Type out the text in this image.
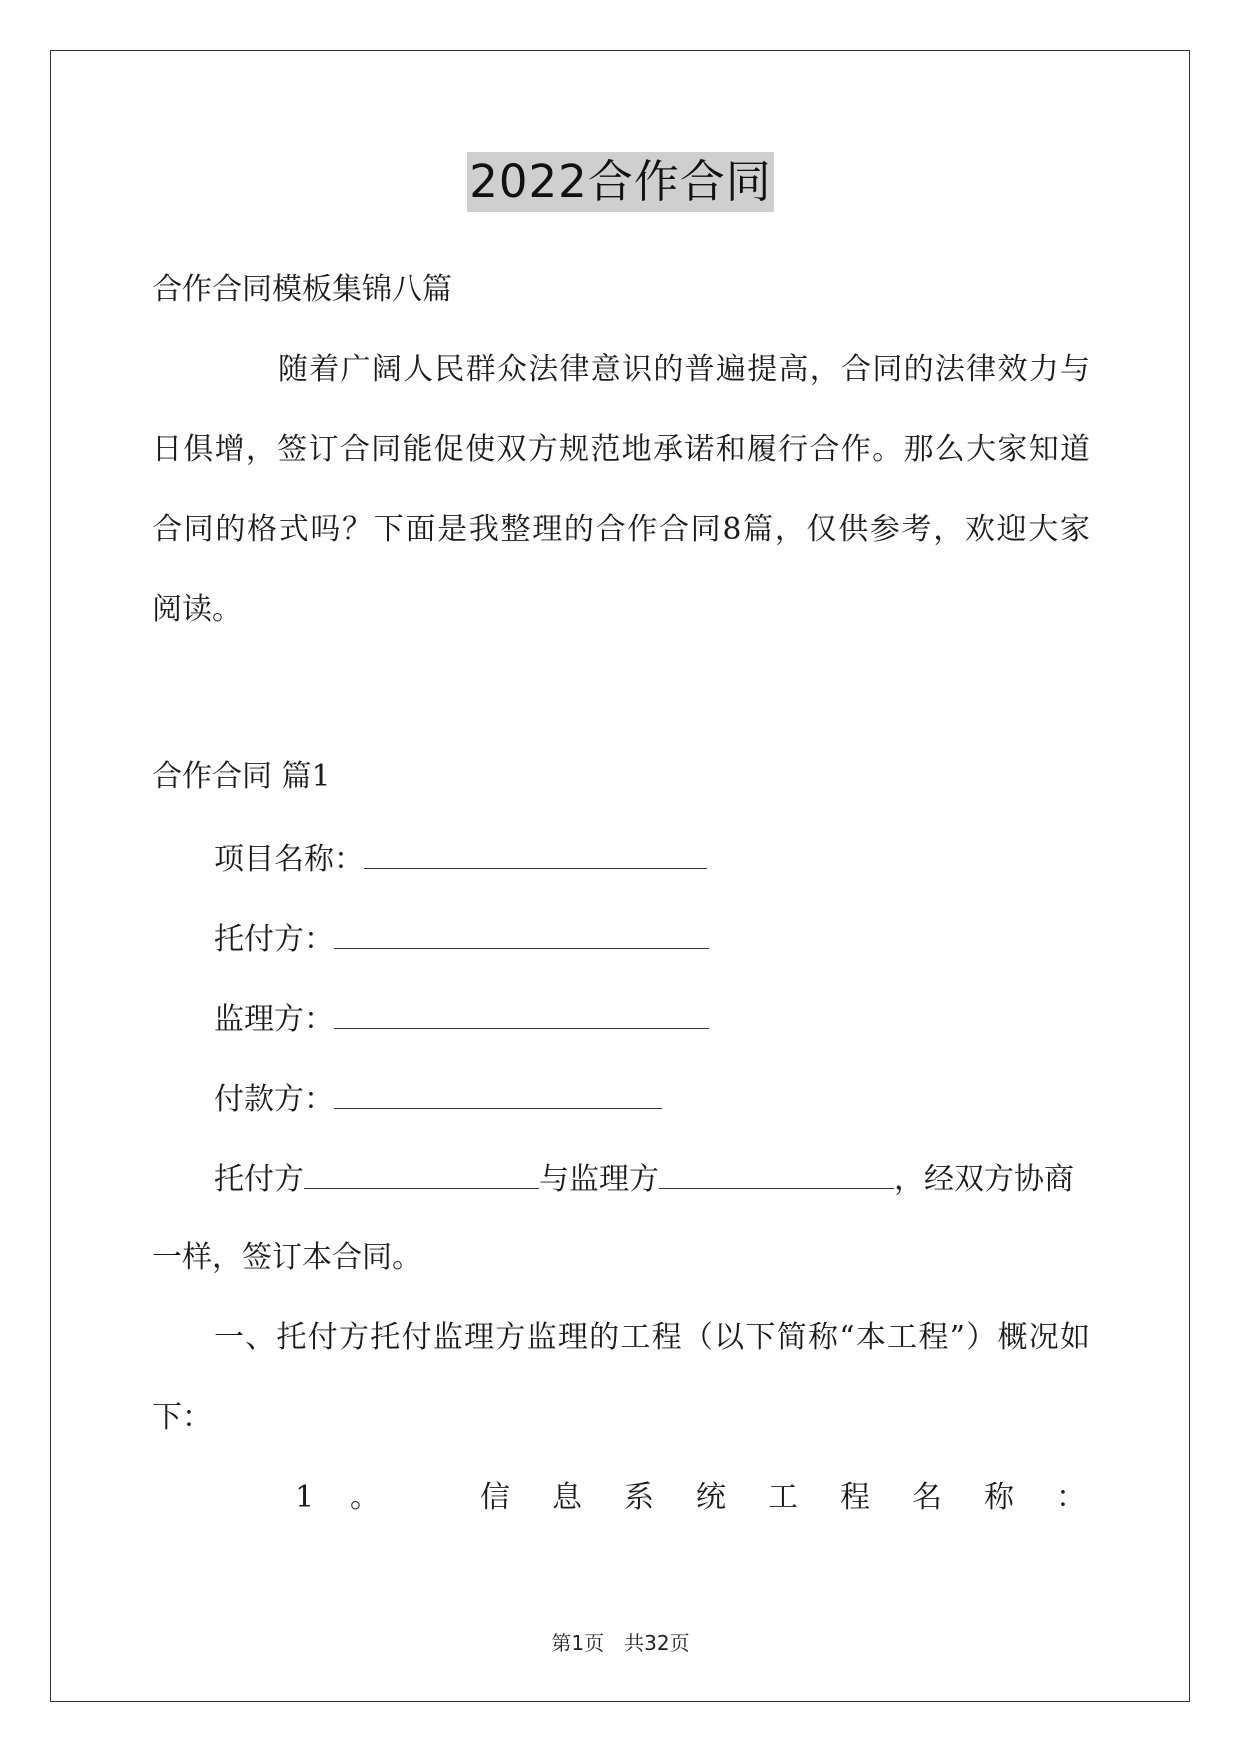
2022合作合同
合作合同模板集锦八篇
随着广阔人民群众法律意识的普遍提高，合同的法律效力与
日俱增，签订合同能促使双方规范地承诺和履行合作。那么大家知道
合同的格式吗？下面是我整理的合作合同8篇，仅供参考，欢迎大家
阅读。
合作合同 篇1
项目名称：
托付方：
监理方：
付款方：
托付方	与监理方	，经双方协商
一样，签订本合同。
一、托付方托付监理方监理的工程（以下简称“本工程”）概况如
下：
1 。	信 息 系 统 工 程 名 称 ：
第1页　共32页
